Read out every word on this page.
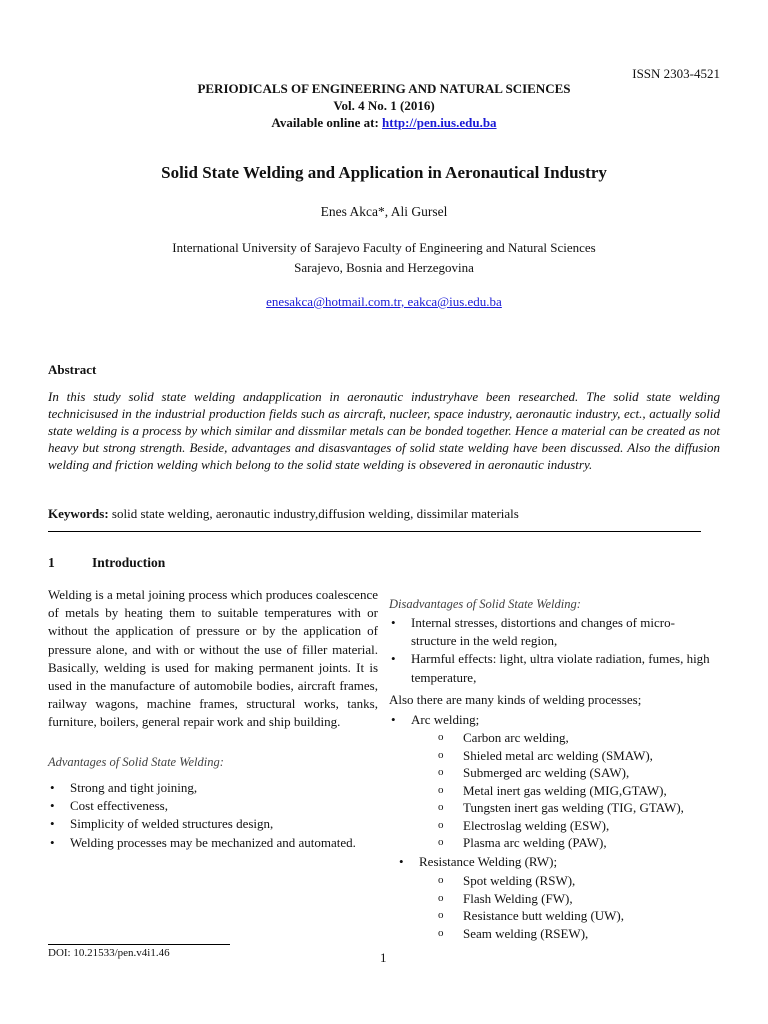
ISSN 2303-4521
PERIODICALS OF ENGINEERING AND NATURAL SCIENCES
Vol. 4 No. 1 (2016)
Available online at: http://pen.ius.edu.ba
Solid State Welding and Application in Aeronautical Industry
Enes Akca*, Ali Gursel
International University of Sarajevo Faculty of Engineering and Natural Sciences
Sarajevo, Bosnia and Herzegovina
enesakca@hotmail.com.tr, eakca@ius.edu.ba
Abstract

In this study solid state welding andapplication in aeronautic industryhave been researched. The solid state welding technicisused in the industrial production fields such as aircraft, nucleer, space industry, aeronautic industry, ect., actually solid state welding is a process by which similar and dissmilar metals can be bonded together. Hence a material can be created as not heavy but strong strength. Beside, advantages and disasvantages of solid state welding have been discussed. Also the diffusion welding and friction welding which belong to the solid state welding is obsevered in aeronautic industry.

Keywords: solid state welding, aeronautic industry,diffusion welding, dissimilar materials
1	Introduction

Welding is a metal joining process which produces coalescence of metals by heating them to suitable temperatures with or without the application of pressure or by the application of pressure alone, and with or without the use of filler material. Basically, welding is used for making permanent joints. It is used in the manufacture of automobile bodies, aircraft frames, railway wagons, machine frames, structural works, tanks, furniture, boilers, general repair work and ship building.

Advantages of Solid State Welding:
• Strong and tight joining,
• Cost effectiveness,
• Simplicity of welded structures design,
• Welding processes may be mechanized and automated.
Disadvantages of Solid State Welding:
• Internal stresses, distortions and changes of micro-structure in the weld region,
• Harmful effects: light, ultra violate radiation, fumes, high temperature,
Also there are many kinds of welding processes;
• Arc welding;
o Carbon arc welding,
o Shieled metal arc welding (SMAW),
o Submerged arc welding (SAW),
o Metal inert gas welding (MIG,GTAW),
o Tungsten inert gas welding (TIG, GTAW),
o Electroslag welding (ESW),
o Plasma arc welding (PAW),
• Resistance Welding (RW);
o Spot welding (RSW),
o Flash Welding (FW),
o Resistance butt welding (UW),
o Seam welding (RSEW),
DOI: 10.21533/pen.v4i1.46	1
